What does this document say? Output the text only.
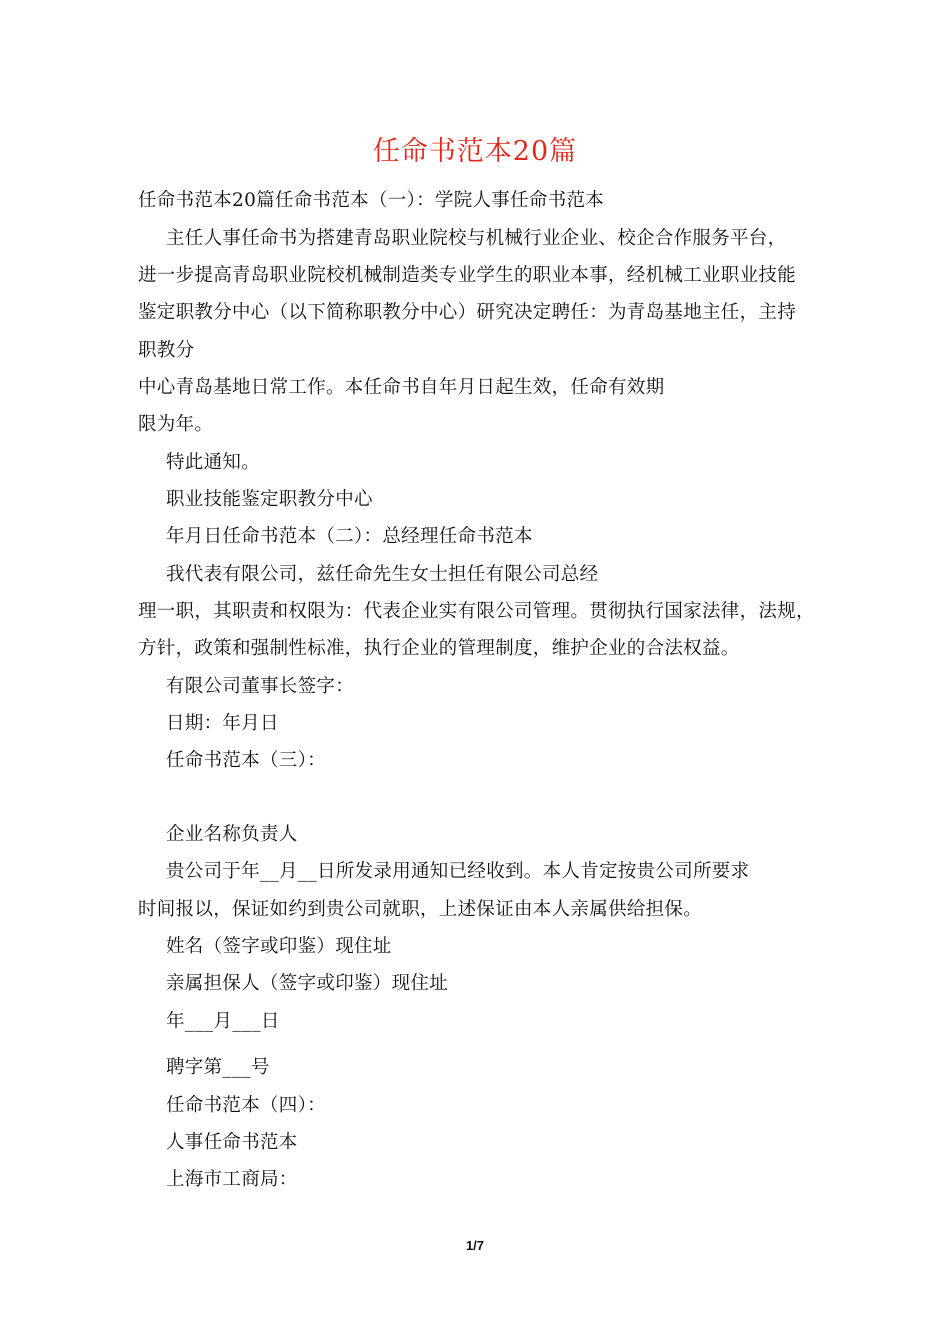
任命书范本20篇
任命书范本20篇任命书范本（一）：学院人事任命书范本
主任人事任命书为搭建青岛职业院校与机械行业企业、校企合作服务平台，
进一步提高青岛职业院校机械制造类专业学生的职业本事，经机械工业职业技能
鉴定职教分中心（以下简称职教分中心）研究决定聘任：为青岛基地主任，主持
职教分
中心青岛基地日常工作。本任命书自年月日起生效，任命有效期
限为年。
特此通知。
职业技能鉴定职教分中心
年月日任命书范本（二）：总经理任命书范本
我代表有限公司，兹任命先生女士担任有限公司总经
理一职，其职责和权限为：代表企业实有限公司管理。贯彻执行国家法律，法规，
方针，政策和强制性标准，执行企业的管理制度，维护企业的合法权益。
有限公司董事长签字：
日期：年月日
任命书范本（三）：
企业名称负责人
贵公司于年__月__日所发录用通知已经收到。本人肯定按贵公司所要求
时间报以，保证如约到贵公司就职，上述保证由本人亲属供给担保。
姓名（签字或印鉴）现住址
亲属担保人（签字或印鉴）现住址
年___月___日
聘字第___号
任命书范本（四）：
人事任命书范本
上海市工商局：
1/7
